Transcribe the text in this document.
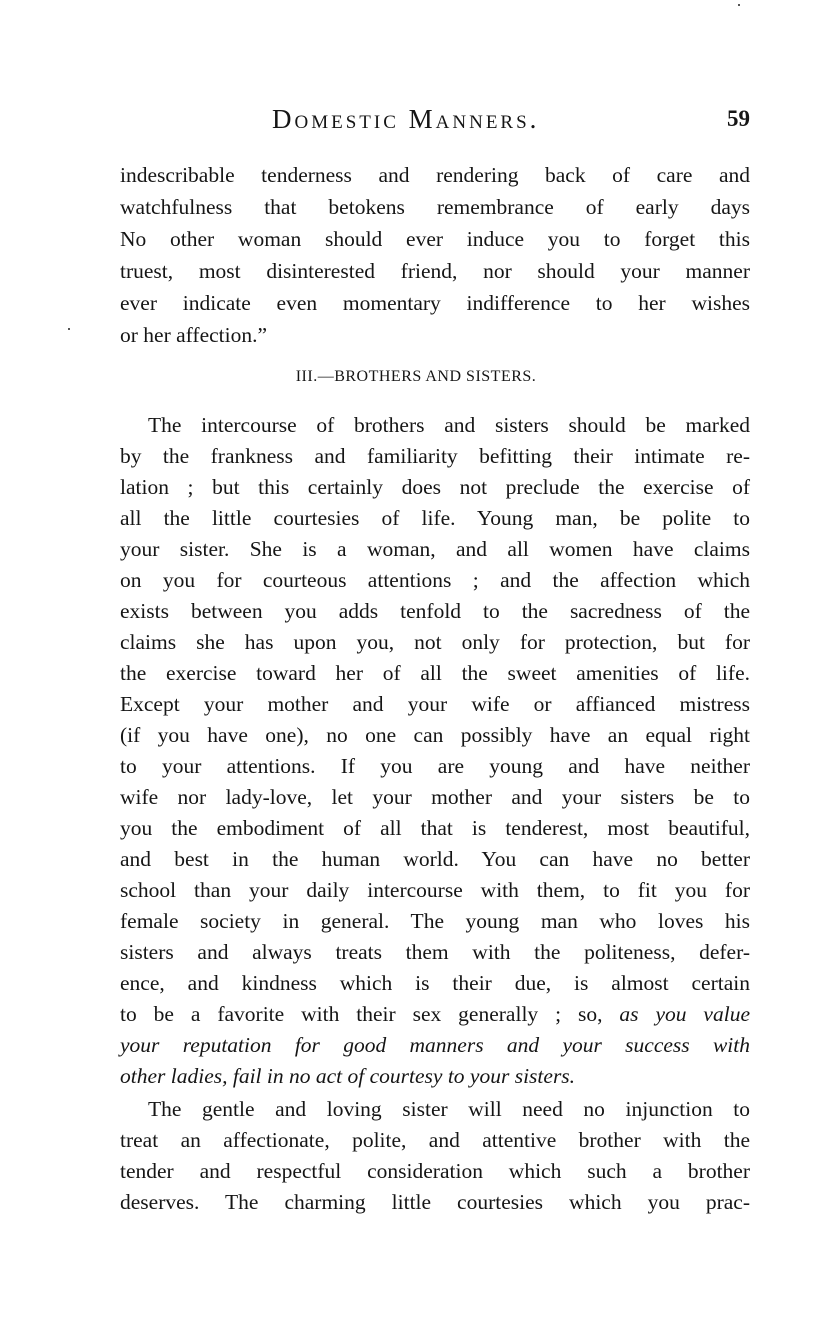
Domestic Manners.	59
indescribable tenderness and rendering back of care and
watchfulness that betokens remembrance of early days
No other woman should ever induce you to forget this
truest, most disinterested friend, nor should your manner
ever indicate even momentary indifference to her wishes
or her affection.”
III.—BROTHERS AND SISTERS.
The intercourse of brothers and sisters should be marked
by the frankness and familiarity befitting their intimate re-
lation ; but this certainly does not preclude the exercise of
all the little courtesies of life. Young man, be polite to
your sister. She is a woman, and all women have claims
on you for courteous attentions ; and the affection which
exists between you adds tenfold to the sacredness of the
claims she has upon you, not only for protection, but for
the exercise toward her of all the sweet amenities of life.
Except your mother and your wife or affianced mistress
(if you have one), no one can possibly have an equal right
to your attentions. If you are young and have neither
wife nor lady-love, let your mother and your sisters be to
you the embodiment of all that is tenderest, most beautiful,
and best in the human world. You can have no better
school than your daily intercourse with them, to fit you for
female society in general. The young man who loves his
sisters and always treats them with the politeness, defer-
ence, and kindness which is their due, is almost certain
to be a favorite with their sex generally ; so, as you value
your reputation for good manners and your success with
other ladies, fail in no act of courtesy to your sisters.
The gentle and loving sister will need no injunction to
treat an affectionate, polite, and attentive brother with the
tender and respectful consideration which such a brother
deserves. The charming little courtesies which you prac-
